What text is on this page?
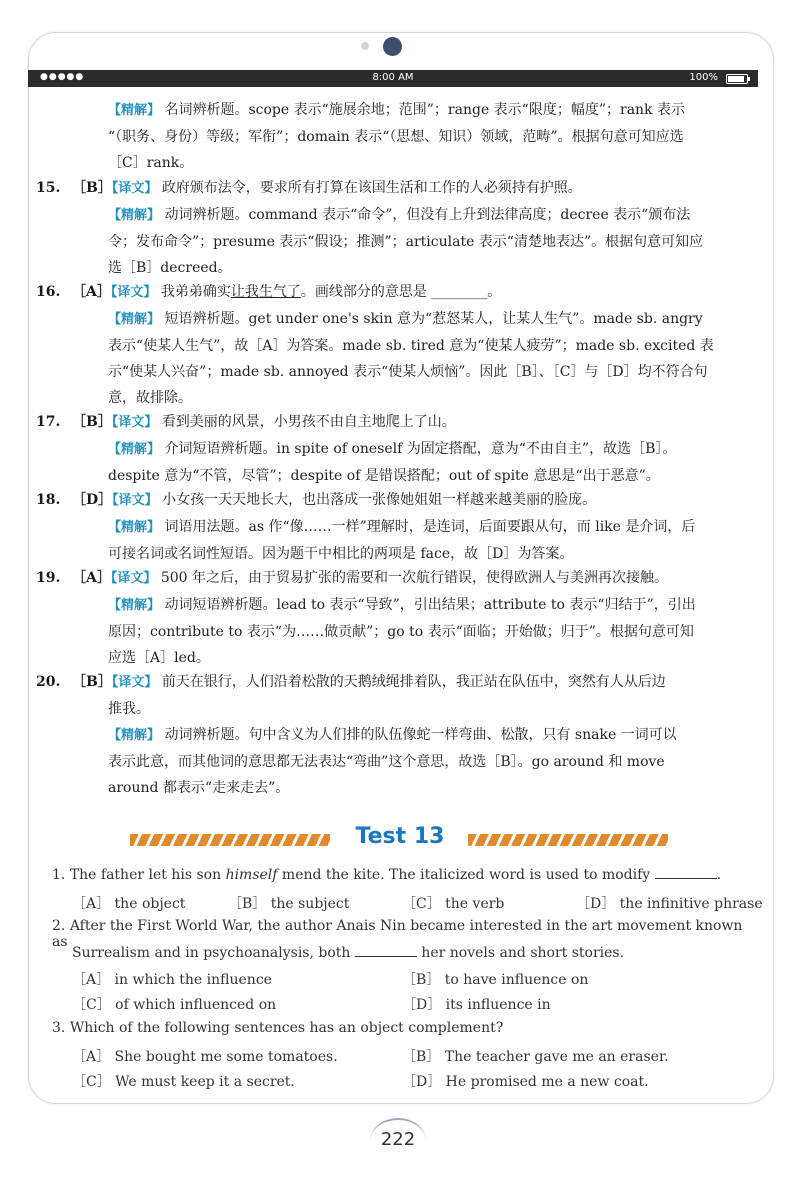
●●●●●	8:00 AM	100%
【精解】 名词辨析题。scope 表示“施展余地；范围”；range 表示“限度；幅度”；rank 表示
“（职务、身份）等级；军衔”；domain 表示“（思想、知识）领域，范畴”。根据句意可知应选
［C］rank。
15. ［B］【译文】 政府颁布法令，要求所有打算在该国生活和工作的人必须持有护照。
【精解】 动词辨析题。command 表示“命令”，但没有上升到法律高度；decree 表示“颁布法
令；发布命令”；presume 表示“假设；推测”；articulate 表示“清楚地表达”。根据句意可知应
选［B］decreed。
16. ［A］【译文】 我弟弟确实让我生气了。画线部分的意思是 ________。
【精解】 短语辨析题。get under one's skin 意为“惹怒某人，让某人生气”。made sb. angry
表示“使某人生气”，故［A］为答案。made sb. tired 意为“使某人疲劳”；made sb. excited 表
示“使某人兴奋”；made sb. annoyed 表示“使某人烦恼”。因此［B］、［C］与［D］均不符合句
意，故排除。
17. ［B］【译文】 看到美丽的风景，小男孩不由自主地爬上了山。
【精解】 介词短语辨析题。in spite of oneself 为固定搭配，意为“不由自主”，故选［B］。
despite 意为“不管，尽管”；despite of 是错误搭配；out of spite 意思是“出于恶意”。
18. ［D］【译文】 小女孩一天天地长大，也出落成一张像她姐姐一样越来越美丽的脸庞。
【精解】 词语用法题。as 作“像……一样”理解时，是连词，后面要跟从句，而 like 是介词，后
可接名词或名词性短语。因为题干中相比的两项是 face，故［D］为答案。
19. ［A］【译文】 500 年之后，由于贸易扩张的需要和一次航行错误，使得欧洲人与美洲再次接触。
【精解】 动词短语辨析题。lead to 表示“导致”，引出结果；attribute to 表示“归结于”，引出
原因；contribute to 表示“为……做贡献”；go to 表示“面临；开始做；归于”。根据句意可知
应选［A］led。
20. ［B］【译文】 前天在银行，人们沿着松散的天鹅绒绳排着队，我正站在队伍中，突然有人从后边
推我。
【精解】 动词辨析题。句中含义为人们排的队伍像蛇一样弯曲、松散，只有 snake 一词可以
表示此意，而其他词的意思都无法表达“弯曲”这个意思，故选［B］。go around 和 move
around 都表示“走来走去”。
Test 13
1. The father let his son himself mend the kite. The italicized word is used to modify	.
［A］ the object	［B］ the subject	［C］ the verb	［D］ the infinitive phrase
2. After the First World War, the author Anais Nin became interested in the art movement known as
Surrealism and in psychoanalysis, both	her novels and short stories.
［A］ in which the influence	［B］ to have influence on
［C］ of which influenced on	［D］ its influence in
3. Which of the following sentences has an object complement?
［A］ She bought me some tomatoes.	［B］ The teacher gave me an eraser.
［C］ We must keep it a secret.	［D］ He promised me a new coat.
222
